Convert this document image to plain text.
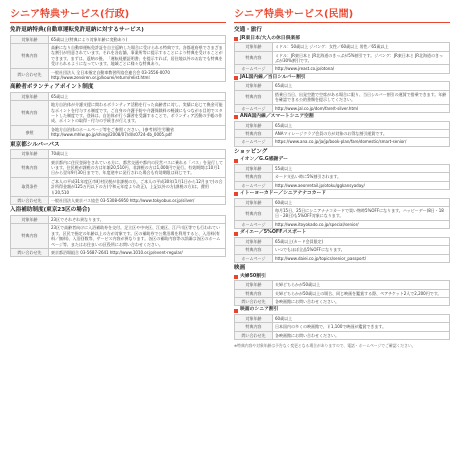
シニア特典サービス(行政)
免許返納特典(自動車運転免許返納に対するサービス)
対象年齢	65歳以上(特典により対象年齢に変動あり)
特典内容	高齢になり自動車運転免許証を自主返納した場合に受けられる特典です。各都道府県でさまざまな割引が用意されています。それを各店舗、事業所等に提示することにより特典を受けることができます。まずは、返納の後、「運転経歴証明書」を提示すれば、居住地以外のお店でも特典を受けられるようになっています。地域ごとに様々な特典あり。
問い合わせ先	一般社団法人 全日本指定自動車教習所協会連合会 03-3556-0070 http://www.zensiren.or.jp/kourei/return/relist.html
高齢者ボランティアポイント制度
対象年齢	65歳以上
特典内容	地方自治体が介護支援に関わるボランティア活動を行った高齢者に対し、実績に応じて換金可能なポイントを付与する制度です。ご自身の介護予防や介護保険料の軽減にもつながる目的でスタートした制度です。登録は、自治体が行う講習を受講することで、ボランティア活動の手帳の作成、ポイントの取得・付与の手続きが行えます。
参照	各地方自治体のホームページ等をご参照ください。(参考)厚生労働省 http://www.mhlw.go.jp/shingi/2008/07/dl/s0724-4b_0005.pdf
東京都シルバーパス
対象年齢	70歳以上
特典内容	東京都内に住民登録をされている方に、都営交通や都内の民営バスに乗れる「パス」を発行しています。住民税が課税の方は年額20,510円、非課税の方は1,000円で発行。有効期間は10月1日から翌年9月30日までで、年度途中に発行された場合も有効期限は同じです。
取得条件	ご本人の平成31年度区市町村民税が非課税の方。ご本人の平成30年(1月1日から12月まで)の合計所得金額が125万円以下の方(令和元年度より改正)。上記以外の方(課税の方)は、費用￥20,510
問い合わせ先	一般社団法人東京バス協会 03-5308-6950 http://www.tokyobus.or.jp/silver/
入浴補助制度(東京23区の場合)
対象年齢	23区でそれぞれ異なります。
特典内容	23区で高齢者向けに入浴補助券を交付。足立区や中央区、江東区、江戸川区等でも行われています。区民で指定の年齢以上の方が対象です。区の補助券で公衆浴場を利用すると、入浴料(有料／無料)、入浴回数等、サービス内容が異なります。各区の補助内容等の詳細は各区のホームページ等、またはお住まいの区役所にお問い合わせください。
問い合わせ先	東京都浴場組合 03-5687-2641 http://www.1010.or.jp/event-regular/
シニア特典サービス(民間)
交通・旅行
JR東日本/大人の休日倶楽部
対象年齢	ミドル：50歳以上 ジパング：女性／60歳以上 男性／65歳以上
特典内容	ミドル：JR東日本と JR北海道のきっぷが5%割引です。ジパング：JR東日本と JR北海道のきっぷが30%割引です。
ホームページ	http://www.jreast.co.jp/otona/
JAL国内線／当日シルバー割引
対象年齢	65歳以上
特典内容	搭乗日当日、出発空港で空席がある場合に限り、当日シルバー割引の運賃で搭乗できます。年齢を確認できる公的書類を提示してください。
ホームページ	http://www.jal.co.jp/dom/fare/t-silver.html
ANA国内線／スマートシニア空割
対象年齢	65歳以上
特典内容	ANAマイレージクラブ会員の方が対象のお得な割引運賃です。
ホームページ	https://www.ana.co.jp/ja/jp/book-plan/fare/domestic/smart-senior/
ショッピング
イオン／G.G感謝デー
対象年齢	55歳以上
特典内容	カード支払い時に5%割引されます。
ホームページ	http://www.aeonretail.jp/otoku/ggkansyaday/
イトーヨーカドー／シニアナナコカード
対象年齢	60歳以上
特典内容	毎月15日、25日にシニアナナコカードで買い物時5%OFFになります。ハッピーデー(8日・18日・28日)も5%OFF対象になります。
ホームページ	http://www.itoyokado.co.jp/special/senior/
ダイエー／5%OFFパスポート
対象年齢	65歳以上(カード会員限定)
特典内容	いつでもほぼ全品5%OFFになります。
ホームページ	http://www.daiei.co.jp/topics/senior_passport/
映画
夫婦50割引
対象年齢	夫婦どちらかが50歳以上
特典内容	夫婦どちらかが50歳以上の場合、同じ映画を鑑賞する際、ペアチケット2人で2,200円です。
問い合わせ先	各映画館にお問い合わせください。
映画のシニア割引
対象年齢	60歳以上
特典内容	日本国内の多くの映画館で、￥1,100で映画が鑑賞できます。
問い合わせ先	各映画館にお問い合わせください。
※特典内容や対象年齢は予告なく変更となる場合がありますので、電話・ホームページでご確認ください。
